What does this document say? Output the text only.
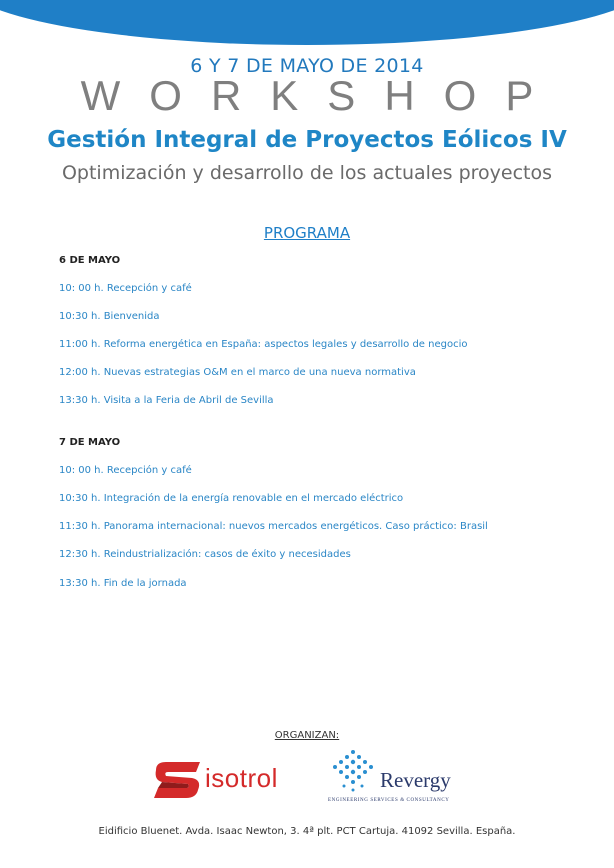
6 Y 7 DE MAYO DE 2014
WORKSHOP
Gestión Integral de Proyectos Eólicos IV
Optimización y desarrollo de los actuales proyectos
PROGRAMA
6 DE MAYO
10: 00 h. Recepción y café
10:30 h. Bienvenida
11:00 h. Reforma energética en España: aspectos legales y desarrollo de negocio
12:00 h. Nuevas estrategias O&M en el marco de una nueva normativa
13:30 h. Visita a la Feria de Abril de Sevilla
7 DE MAYO
10: 00 h. Recepción y café
10:30 h. Integración de la energía renovable en el mercado eléctrico
11:30 h. Panorama internacional: nuevos mercados energéticos. Caso práctico: Brasil
12:30 h. Reindustrialización: casos de éxito y necesidades
13:30 h. Fin de la jornada
ORGANIZAN:
isotrol	Revergy
ENGINEERING SERVICES & CONSULTANCY
Eidificio Bluenet. Avda. Isaac Newton, 3. 4ª plt. PCT Cartuja. 41092 Sevilla. España.
